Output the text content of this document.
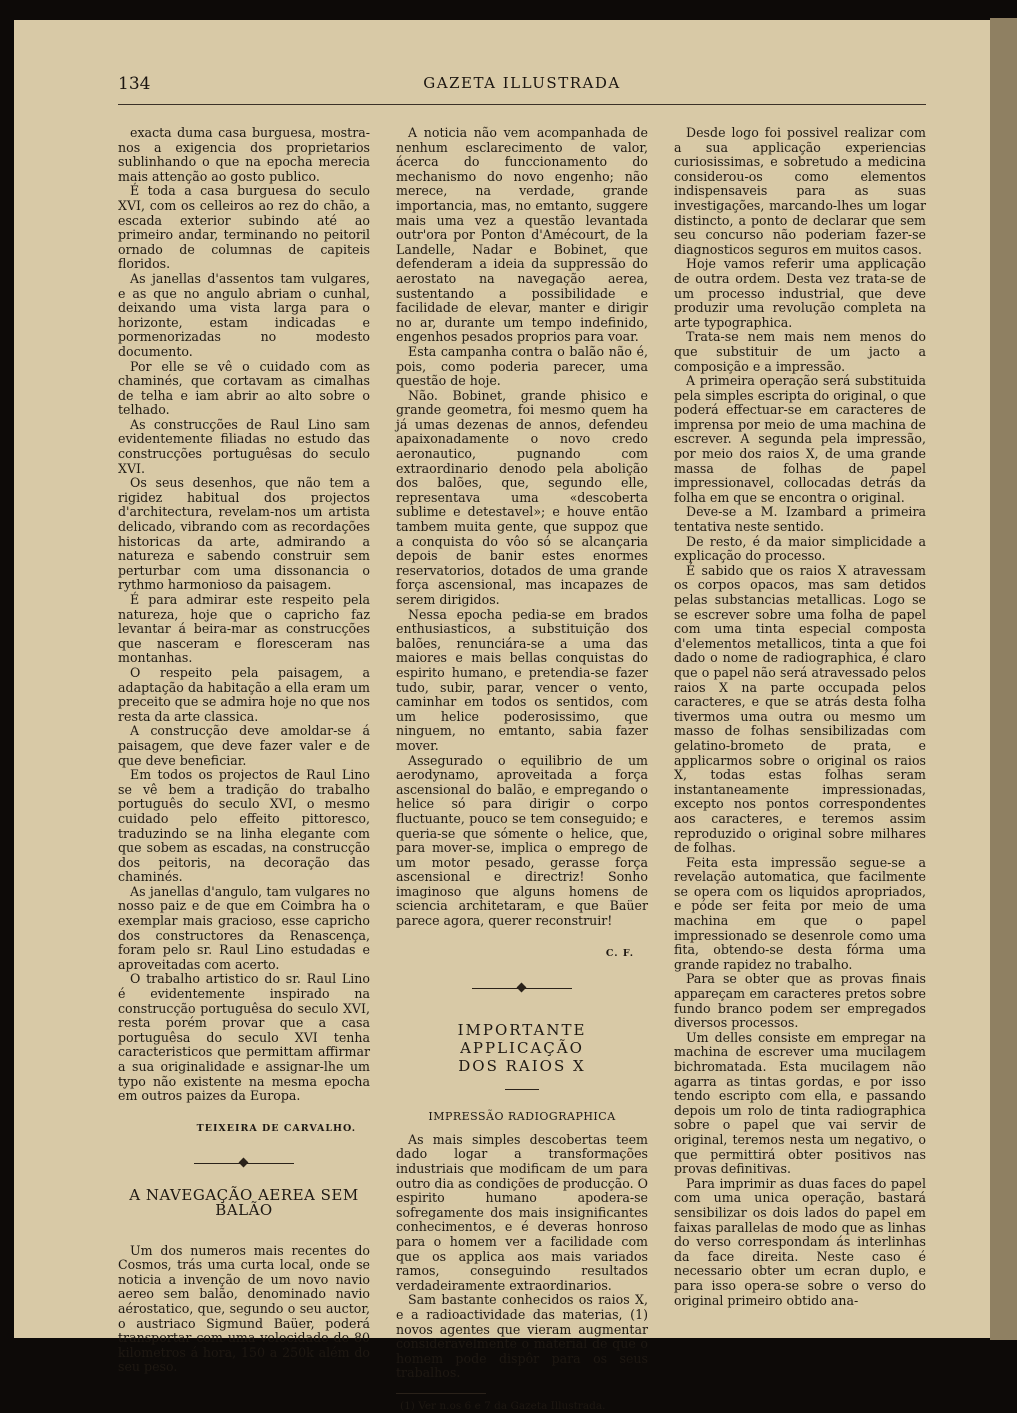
134	GAZETA ILLUSTRADA

exacta duma casa burguesa, mostra-nos a exigencia dos proprietarios sublinhando o que na epocha merecia mais attenção ao gosto publico.

É toda a casa burguesa do seculo XVI, com os celleiros ao rez do chão, a escada exterior subindo até ao primeiro andar, terminando no peitoril ornado de columnas de capiteis floridos.

As janellas d'assentos tam vulgares, e as que no angulo abriam o cunhal, deixando uma vista larga para o horizonte, estam indicadas e pormenorizadas no modesto documento.

Por elle se vê o cuidado com as chaminés, que cortavam as cimalhas de telha e iam abrir ao alto sobre o telhado.

As construcções de Raul Lino sam evidentemente filiadas no estudo das construcções portuguêsas do seculo XVI.

Os seus desenhos, que não tem a rigidez habitual dos projectos d'architectura, revelam-nos um artista delicado, vibrando com as recordações historicas da arte, admirando a natureza e sabendo construir sem perturbar com uma dissonancia o rythmo harmonioso da paisagem.

É para admirar este respeito pela natureza, hoje que o capricho faz levantar á beira-mar as construcções que nasceram e floresceram nas montanhas.

O respeito pela paisagem, a adaptação da habitação a ella eram um preceito que se admira hoje no que nos resta da arte classica.

A construcção deve amoldar-se á paisagem, que deve fazer valer e de que deve beneficiar.

Em todos os projectos de Raul Lino se vê bem a tradição do trabalho português do seculo XVI, o mesmo cuidado pelo effeito pittoresco, traduzindo se na linha elegante com que sobem as escadas, na construcção dos peitoris, na decoração das chaminés.

As janellas d'angulo, tam vulgares no nosso paiz e de que em Coimbra ha o exemplar mais gracioso, esse capricho dos constructores da Renascença, foram pelo sr. Raul Lino estudadas e aproveitadas com acerto.

O trabalho artistico do sr. Raul Lino é evidentemente inspirado na construcção portuguêsa do seculo XVI, resta porém provar que a casa portuguêsa do seculo XVI tenha caracteristicos que permittam affirmar a sua originalidade e assignar-lhe um typo não existente na mesma epocha em outros paizes da Europa.

TEIXEIRA DE CARVALHO.
A NAVEGAÇÃO AEREA SEM BALÃO

Um dos numeros mais recentes do Cosmos, trás uma curta local, onde se noticia a invenção de um novo navio aereo sem balão, denominado navio aérostatico, que, segundo o seu auctor, o austriaco Sigmund Baüer, poderá transportar com uma velocidade de 80 kilometros á hora, 150 a 250k além do seu peso.

A noticia não vem acompanhada de nenhum esclarecimento de valor, ácerca do funccionamento do mechanismo do novo engenho; não merece, na verdade, grande importancia, mas, no emtanto, suggere mais uma vez a questão levantada outr'ora por Ponton d'Amécourt, de la Landelle, Nadar e Bobinet, que defenderam a ideia da suppressão do aerostato na navegação aerea, sustentando a possibilidade e facilidade de elevar, manter e dirigir no ar, durante um tempo indefinido, engenhos pesados proprios para voar.

Esta campanha contra o balão não é, pois, como poderia parecer, uma questão de hoje.

Não. Bobinet, grande phisico e grande geometra, foi mesmo quem ha já umas dezenas de annos, defendeu apaixonadamente o novo credo aeronautico, pugnando com extraordinario denodo pela abolição dos balões, que, segundo elle, representava uma «descoberta sublime e detestavel»; e houve então tambem muita gente, que suppoz que a conquista do vôo só se alcançaria depois de banir estes enormes reservatorios, dotados de uma grande força ascensional, mas incapazes de serem dirigidos.

Nessa epocha pedia-se em brados enthusiasticos, a substituição dos balões, renunciára-se a uma das maiores e mais bellas conquistas do espirito humano, e pretendia-se fazer tudo, subir, parar, vencer o vento, caminhar em todos os sentidos, com um helice poderosissimo, que ninguem, no emtanto, sabia fazer mover.

Assegurado o equilibrio de um aerodynamo, aproveitada a força ascensional do balão, e empregando o helice só para dirigir o corpo fluctuante, pouco se tem conseguido; e queria-se que sómente o helice, que, para mover-se, implica o emprego de um motor pesado, gerasse força ascensional e directriz! Sonho imaginoso que alguns homens de sciencia architetaram, e que Baüer parece agora, querer reconstruir!

C. F.
IMPORTANTE APPLICAÇÃO
DOS RAIOS X
IMPRESSÃO RADIOGRAPHICA

As mais simples descobertas teem dado logar a transformações industriais que modificam de um para outro dia as condições de producção. O espirito humano apodera-se sofregamente dos mais insignificantes conhecimentos, e é deveras honroso para o homem ver a facilidade com que os applica aos mais variados ramos, conseguindo resultados verdadeiramente extraordinarios.

Sam bastante conhecidos os raios X, e a radioactividade das materias, (1) novos agentes que vieram augmentar consideravelmente o material de que o homem pode dispôr para os seus trabalhos.

(1) Ver n.os 6 e 7 da Gazeta Illustrada.

Desde logo foi possivel realizar com a sua applicação experiencias curiosissimas, e sobretudo a medicina considerou-os como elementos indispensaveis para as suas investigações, marcando-lhes um logar distincto, a ponto de declarar que sem seu concurso não poderiam fazer-se diagnosticos seguros em muitos casos.

Hoje vamos referir uma applicação de outra ordem. Desta vez trata-se de um processo industrial, que deve produzir uma revolução completa na arte typographica.

Trata-se nem mais nem menos do que substituir de um jacto a composição e a impressão.

A primeira operação será substituida pela simples escripta do original, o que poderá effectuar-se em caracteres de imprensa por meio de uma machina de escrever. A segunda pela impressão, por meio dos raios X, de uma grande massa de folhas de papel impressionavel, collocadas detrás da folha em que se encontra o original.

Deve-se a M. Izambard a primeira tentativa neste sentido.

De resto, é da maior simplicidade a explicação do processo.

É sabido que os raios X atravessam os corpos opacos, mas sam detidos pelas substancias metallicas. Logo se se escrever sobre uma folha de papel com uma tinta especial composta d'elementos metallicos, tinta a que foi dado o nome de radiographica, é claro que o papel não será atravessado pelos raios X na parte occupada pelos caracteres, e que se atrás desta folha tivermos uma outra ou mesmo um masso de folhas sensibilizadas com gelatino-brometo de prata, e applicarmos sobre o original os raios X, todas estas folhas seram instantaneamente impressionadas, excepto nos pontos correspondentes aos caracteres, e teremos assim reproduzido o original sobre milhares de folhas.

Feita esta impressão segue-se a revelação automatica, que facilmente se opera com os liquidos apropriados, e póde ser feita por meio de uma machina em que o papel impressionado se desenrole como uma fita, obtendo-se desta fórma uma grande rapidez no trabalho.

Para se obter que as provas finais appareçam em caracteres pretos sobre fundo branco podem ser empregados diversos processos.

Um delles consiste em empregar na machina de escrever uma mucilagem bichromatada. Esta mucilagem não agarra as tintas gordas, e por isso tendo escripto com ella, e passando depois um rolo de tinta radiographica sobre o papel que vai servir de original, teremos nesta um negativo, o que permittirá obter positivos nas provas definitivas.

Para imprimir as duas faces do papel com uma unica operação, bastará sensibilizar os dois lados do papel em faixas parallelas de modo que as linhas do verso correspondam ás interlinhas da face direita. Neste caso é necessario obter um ecran duplo, e para isso opera-se sobre o verso do original primeiro obtido ana-
